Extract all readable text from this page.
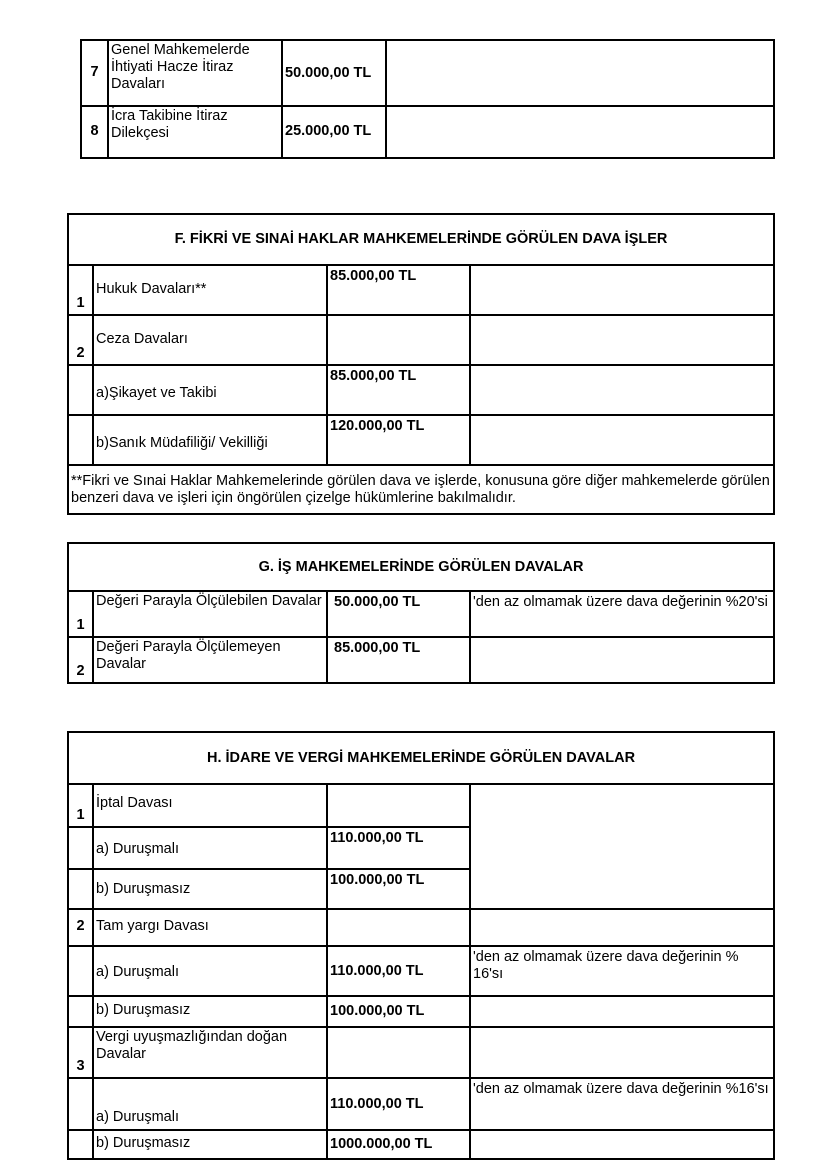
7	Genel Mahkemelerde İhtiyati Hacze İtiraz Davaları	50.000,00 TL	
8	İcra Takibine İtiraz Dilekçesi	25.000,00 TL	
F. FİKRİ VE SINAİ HAKLAR MAHKEMELERİNDE GÖRÜLEN DAVA İŞLER			
1	Hukuk Davaları**	85.000,00 TL	
2	Ceza Davaları		
	a)Şikayet ve Takibi	85.000,00 TL	
	b)Sanık Müdafiliği/ Vekilliği	120.000,00 TL	
**Fikri ve Sınai Haklar Mahkemelerinde görülen dava ve işlerde, konusuna göre diğer mahkemelerde görülen benzeri dava ve işleri için öngörülen çizelge hükümlerine bakılmalıdır.			
G. İŞ MAHKEMELERİNDE GÖRÜLEN DAVALAR			
1	Değeri Parayla Ölçülebilen Davalar	50.000,00 TL	'den az olmamak üzere dava değerinin %20'si
2	Değeri Parayla Ölçülemeyen Davalar	85.000,00 TL	
H. İDARE VE VERGİ MAHKEMELERİNDE GÖRÜLEN DAVALAR			
1	İptal Davası		
	a) Duruşmalı	110.000,00 TL	
	b) Duruşmasız	100.000,00 TL	
2	Tam yargı Davası		
	a) Duruşmalı	110.000,00 TL	'den az olmamak üzere dava değerinin % 16'sı
	b) Duruşmasız	100.000,00 TL	
3	Vergi uyuşmazlığından doğan Davalar		
	a) Duruşmalı	110.000,00 TL	'den az olmamak üzere dava değerinin %16'sı
	b) Duruşmasız	1000.000,00 TL	
